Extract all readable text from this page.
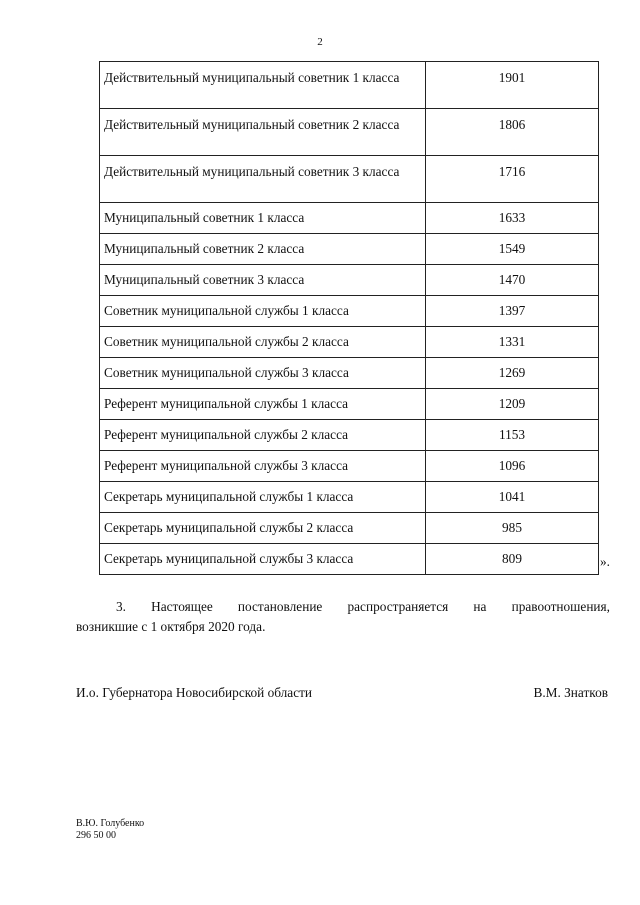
2
Действительный муниципальный советник 1 класса	1901
Действительный муниципальный советник 2 класса	1806
Действительный муниципальный советник 3 класса	1716
Муниципальный советник 1 класса	1633
Муниципальный советник 2 класса	1549
Муниципальный советник 3 класса	1470
Советник муниципальной службы 1 класса	1397
Советник муниципальной службы 2 класса	1331
Советник муниципальной службы 3 класса	1269
Референт муниципальной службы 1 класса	1209
Референт муниципальной службы 2 класса	1153
Референт муниципальной службы 3 класса	1096
Секретарь муниципальной службы 1 класса	1041
Секретарь муниципальной службы 2 класса	985
Секретарь муниципальной службы 3 класса	809	».
3. Настоящее постановление распространяется на правоотношения,
возникшие с 1 октября 2020 года.
И.о. Губернатора Новосибирской области	В.М. Знатков
В.Ю. Голубенко
296 50 00
